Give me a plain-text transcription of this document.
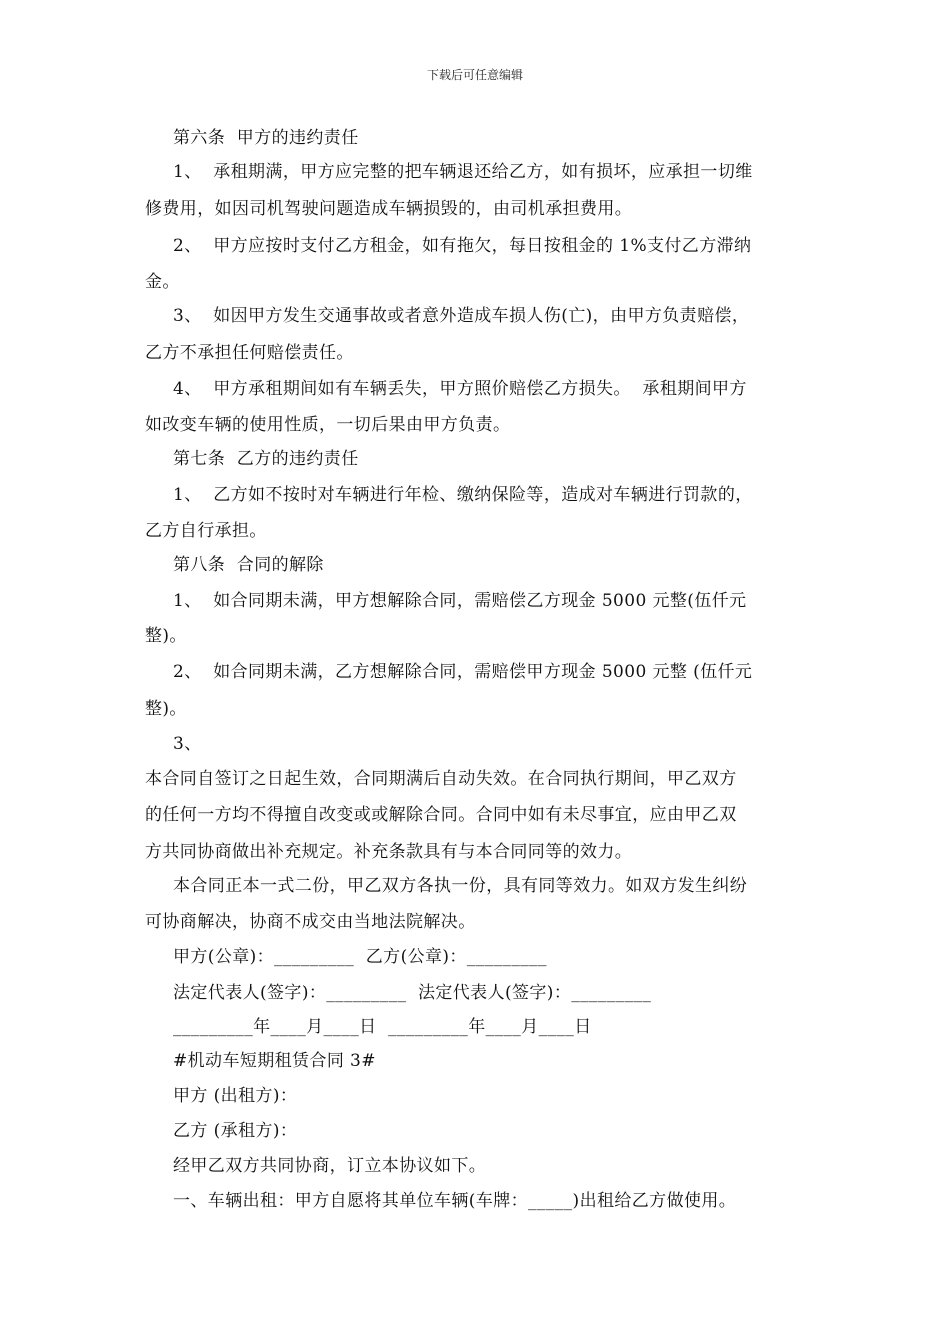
下载后可任意编辑
第六条  甲方的违约责任
1、  承租期满，甲方应完整的把车辆退还给乙方，如有损坏，应承担一切维
修费用，如因司机驾驶问题造成车辆损毁的，由司机承担费用。
2、  甲方应按时支付乙方租金，如有拖欠，每日按租金的 1%支付乙方滞纳
金。
3、  如因甲方发生交通事故或者意外造成车损人伤(亡)，由甲方负责赔偿，
乙方不承担任何赔偿责任。
4、  甲方承租期间如有车辆丢失，甲方照价赔偿乙方损失。  承租期间甲方
如改变车辆的使用性质，一切后果由甲方负责。
第七条  乙方的违约责任
1、  乙方如不按时对车辆进行年检、缴纳保险等，造成对车辆进行罚款的，
乙方自行承担。
第八条  合同的解除
1、  如合同期未满，甲方想解除合同，需赔偿乙方现金 5000 元整(伍仟元
整)。
2、  如合同期未满，乙方想解除合同，需赔偿甲方现金 5000 元整 (伍仟元
整)。
3、
本合同自签订之日起生效，合同期满后自动失效。在合同执行期间，甲乙双方
的任何一方均不得擅自改变或或解除合同。合同中如有未尽事宜，应由甲乙双
方共同协商做出补充规定。补充条款具有与本合同同等的效力。
本合同正本一式二份，甲乙双方各执一份，具有同等效力。如双方发生纠纷
可协商解决，协商不成交由当地法院解决。
甲方(公章)：_________  乙方(公章)：_________
法定代表人(签字)：_________  法定代表人(签字)：_________
_________年____月____日  _________年____月____日
#机动车短期租赁合同 3#
甲方 (出租方)：
乙方 (承租方)：
经甲乙双方共同协商，订立本协议如下。
一、车辆出租：甲方自愿将其单位车辆(车牌：_____)出租给乙方做使用。
